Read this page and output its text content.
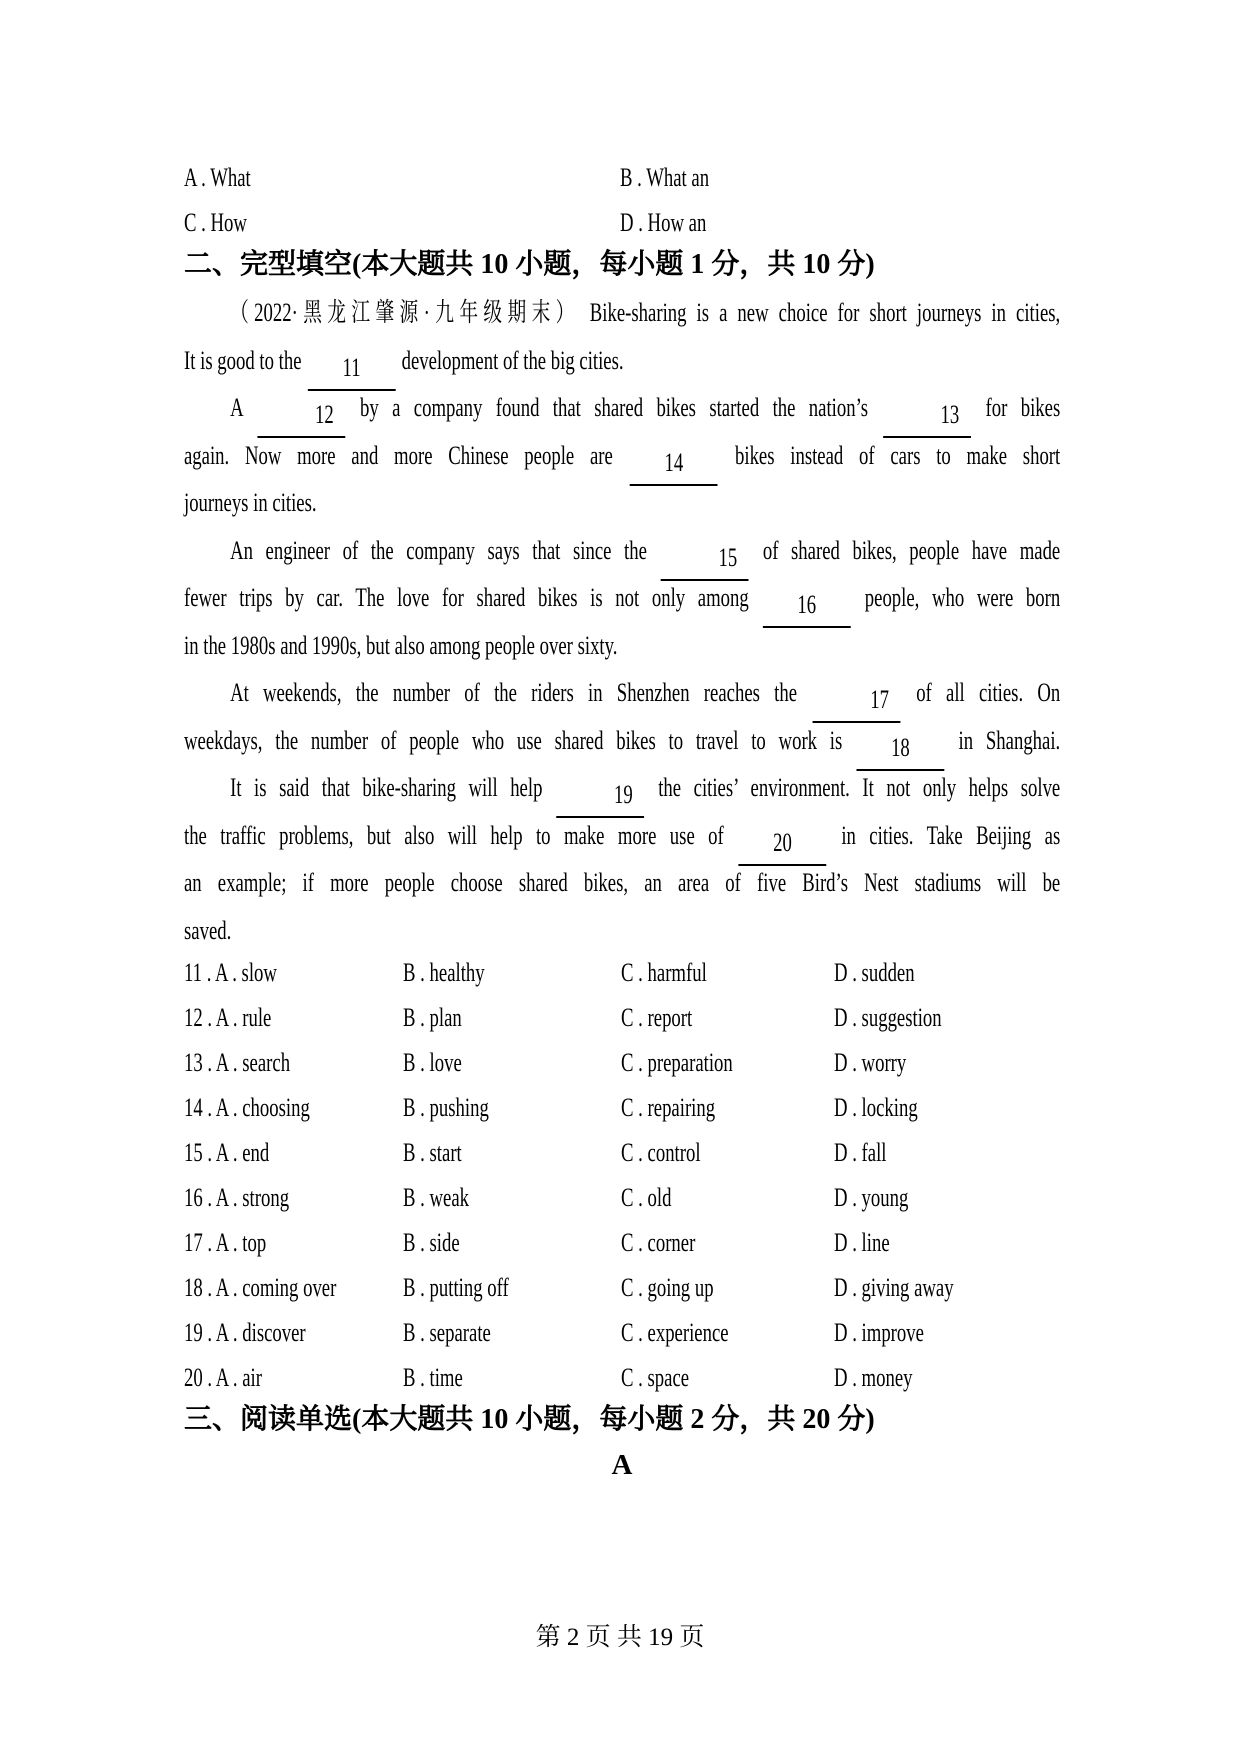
A . What	B . What an
C . How	D . How an
二、完型填空(本大题共 10 小题，每小题 1 分，共 10 分)
（2022·黑龙江肇源·九年级期末） Bike-sharing is a new choice for short journeys in cities,
It is good to the 11 development of the big cities.
A 12 by a company found that shared bikes started the nation’s 13 for bikes
again. Now more and more Chinese people are 14 bikes instead of cars to make short
journeys in cities.
An engineer of the company says that since the 15 of shared bikes, people have made
fewer trips by car. The love for shared bikes is not only among 16 people, who were born
in the 1980s and 1990s, but also among people over sixty.
At weekends, the number of the riders in Shenzhen reaches the 17 of all cities. On
weekdays, the number of people who use shared bikes to travel to work is 18 in Shanghai.
It is said that bike-sharing will help 19 the cities’ environment. It not only helps solve
the traffic problems, but also will help to make more use of 20 in cities. Take Beijing as
an example; if more people choose shared bikes, an area of five Bird’s Nest stadiums will be
saved.
11 . A . slow	B . healthy	C . harmful	D . sudden
12 . A . rule	B . plan	C . report	D . suggestion
13 . A . search	B . love	C . preparation	D . worry
14 . A . choosing	B . pushing	C . repairing	D . locking
15 . A . end	B . start	C . control	D . fall
16 . A . strong	B . weak	C . old	D . young
17 . A . top	B . side	C . corner	D . line
18 . A . coming over	B . putting off	C . going up	D . giving away
19 . A . discover	B . separate	C . experience	D . improve
20 . A . air	B . time	C . space	D . money
三、阅读单选(本大题共 10 小题，每小题 2 分，共 20 分)
A
第 2 页 共 19 页
